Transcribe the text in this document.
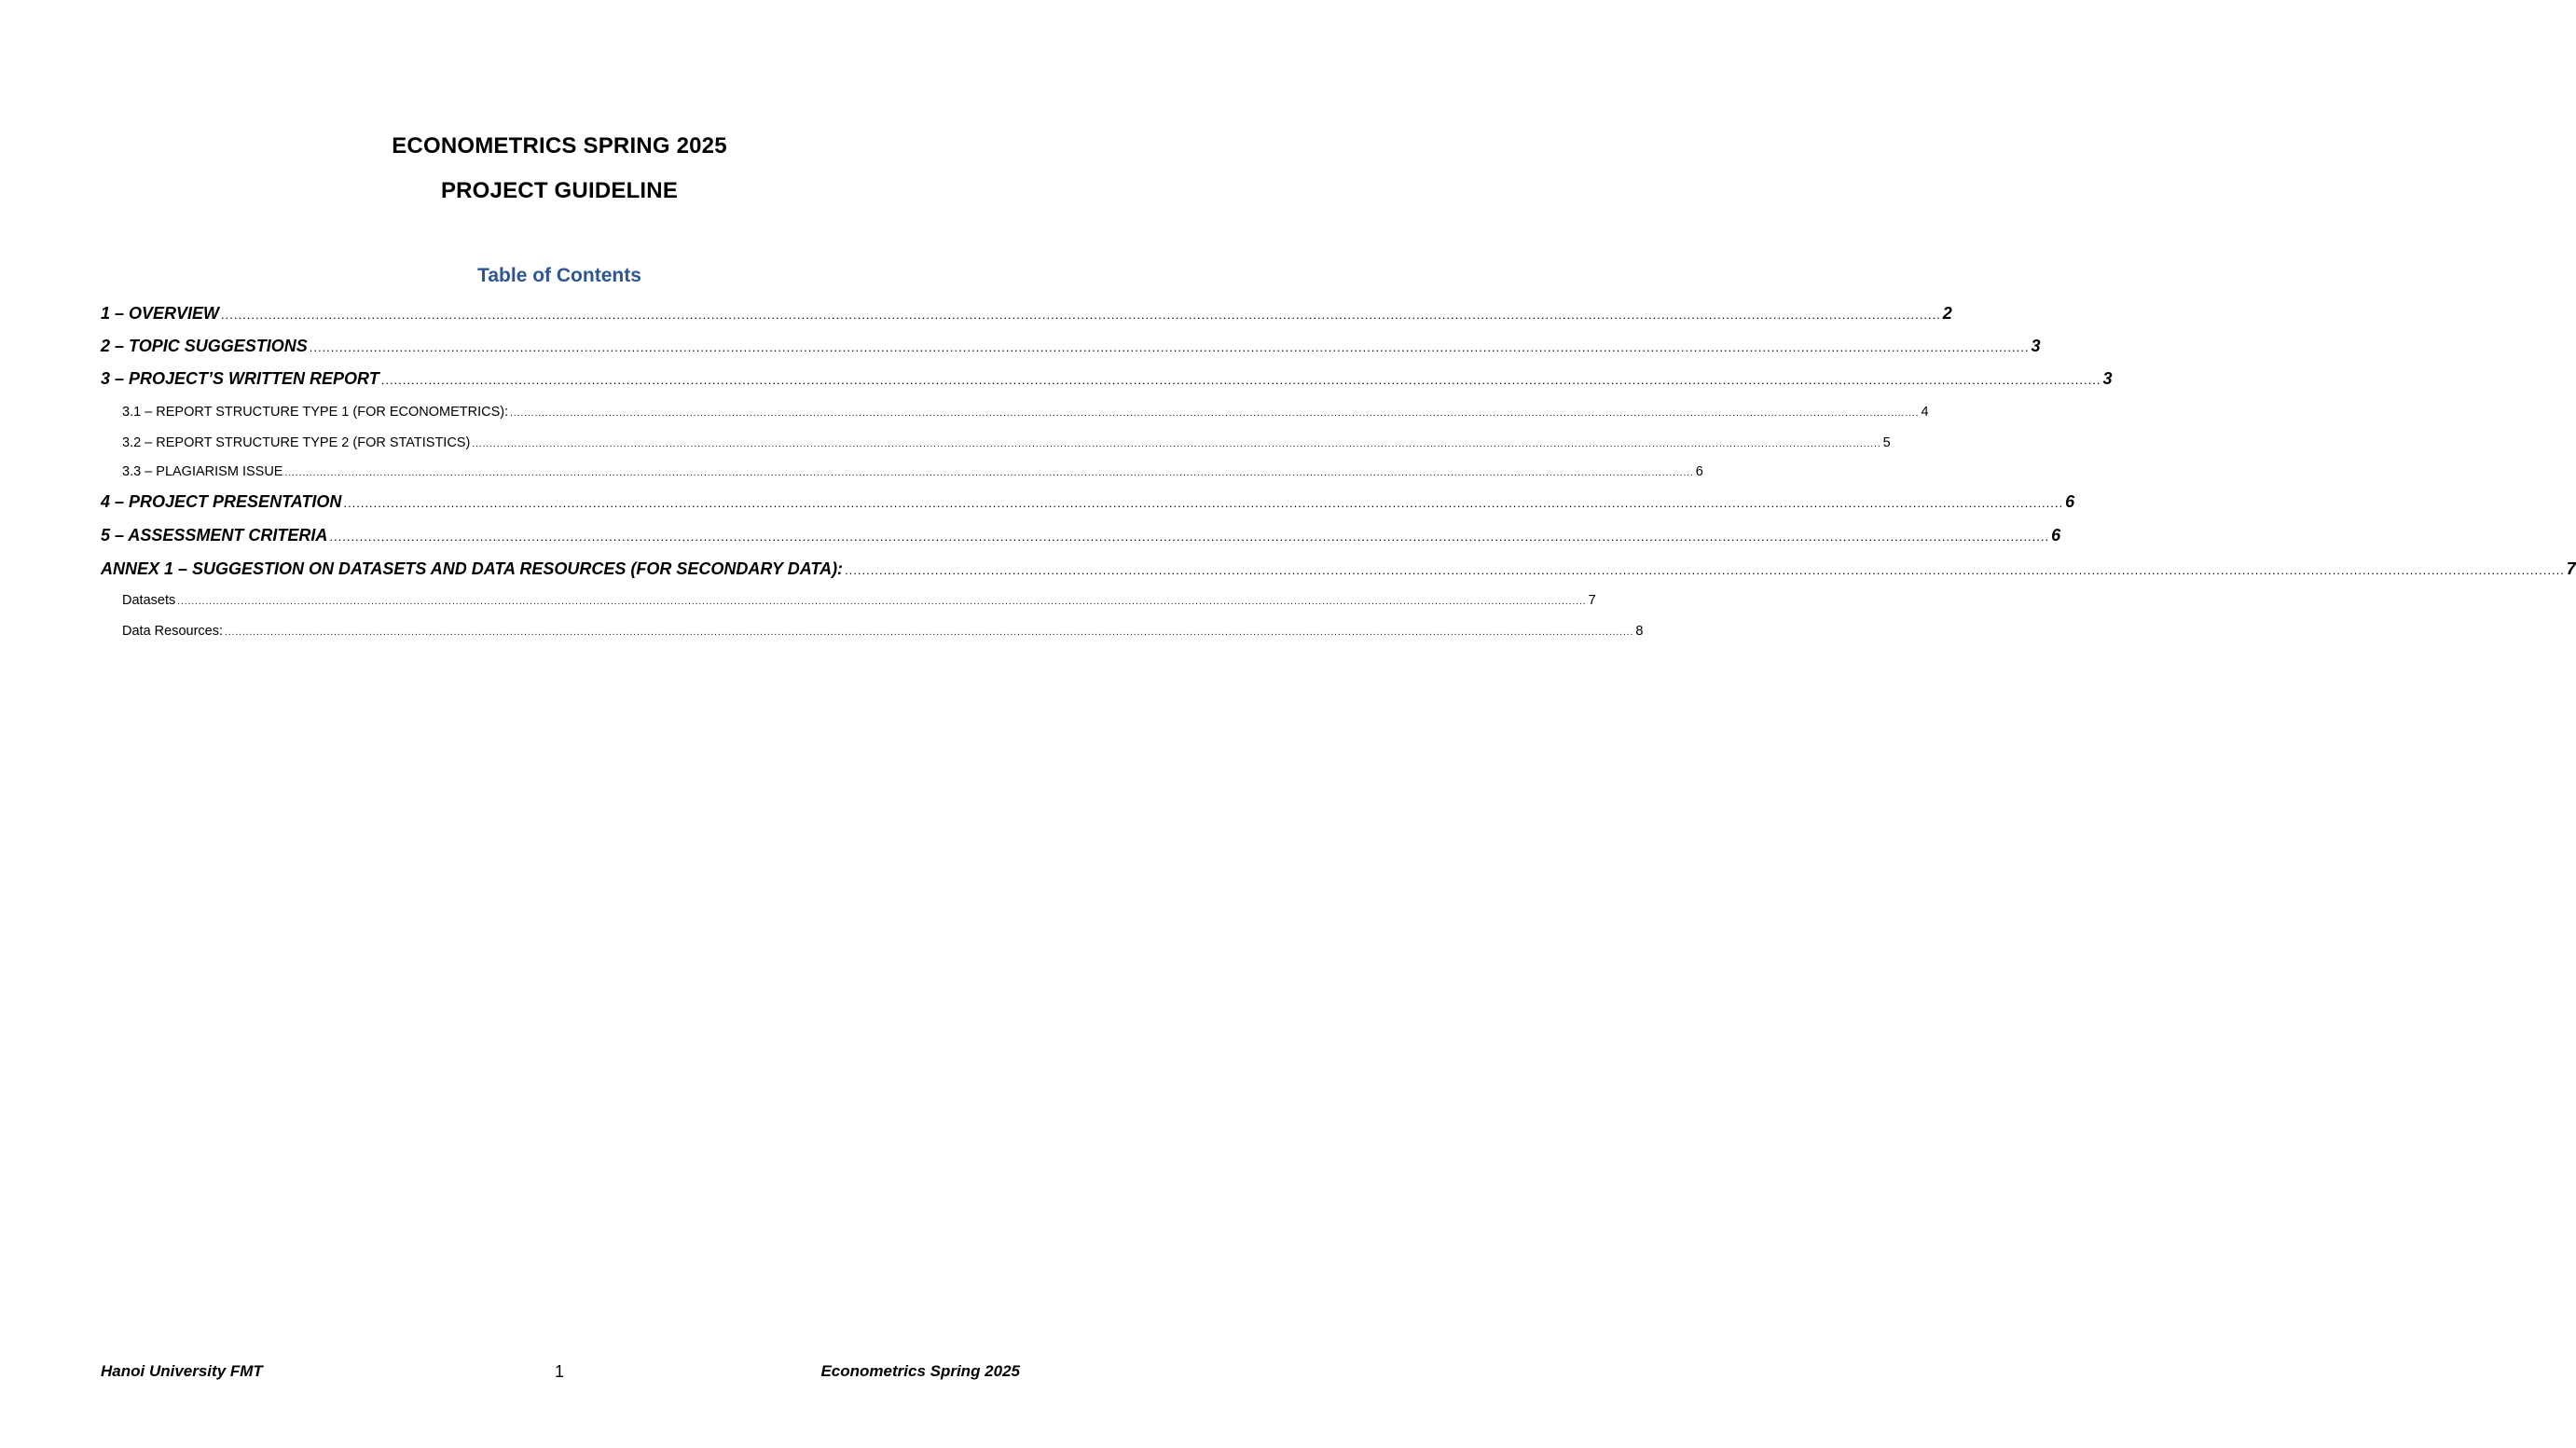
ECONOMETRICS SPRING 2025
PROJECT GUIDELINE
Table of Contents
1 – OVERVIEW ................................................................................................................................................................................................................................................................................................................................................................................................................ 2
2 – TOPIC SUGGESTIONS ................................................................................................................................................................................................................................................................................................................................................................................................................ 3
3 – PROJECT’S WRITTEN REPORT ................................................................................................................................................................................................................................................................................................................................................................................................................ 3
3.1 – REPORT STRUCTURE TYPE 1 (FOR ECONOMETRICS): ................................................................................................................................................................................................................................................................................................................................................................................................................ 4
3.2 – REPORT STRUCTURE TYPE 2 (FOR STATISTICS) ................................................................................................................................................................................................................................................................................................................................................................................................................ 5
3.3 – PLAGIARISM ISSUE ................................................................................................................................................................................................................................................................................................................................................................................................................ 6
4 – PROJECT PRESENTATION ................................................................................................................................................................................................................................................................................................................................................................................................................ 6
5 – ASSESSMENT CRITERIA ................................................................................................................................................................................................................................................................................................................................................................................................................ 6
ANNEX 1 – SUGGESTION ON DATASETS AND DATA RESOURCES (FOR SECONDARY DATA): ................................................................................................................................................................................................................................................................................................................................................................................................................ 7
Datasets ................................................................................................................................................................................................................................................................................................................................................................................................................ 7
Data Resources: ................................................................................................................................................................................................................................................................................................................................................................................................................ 8
Hanoi University FMT	1	Econometrics Spring 2025
